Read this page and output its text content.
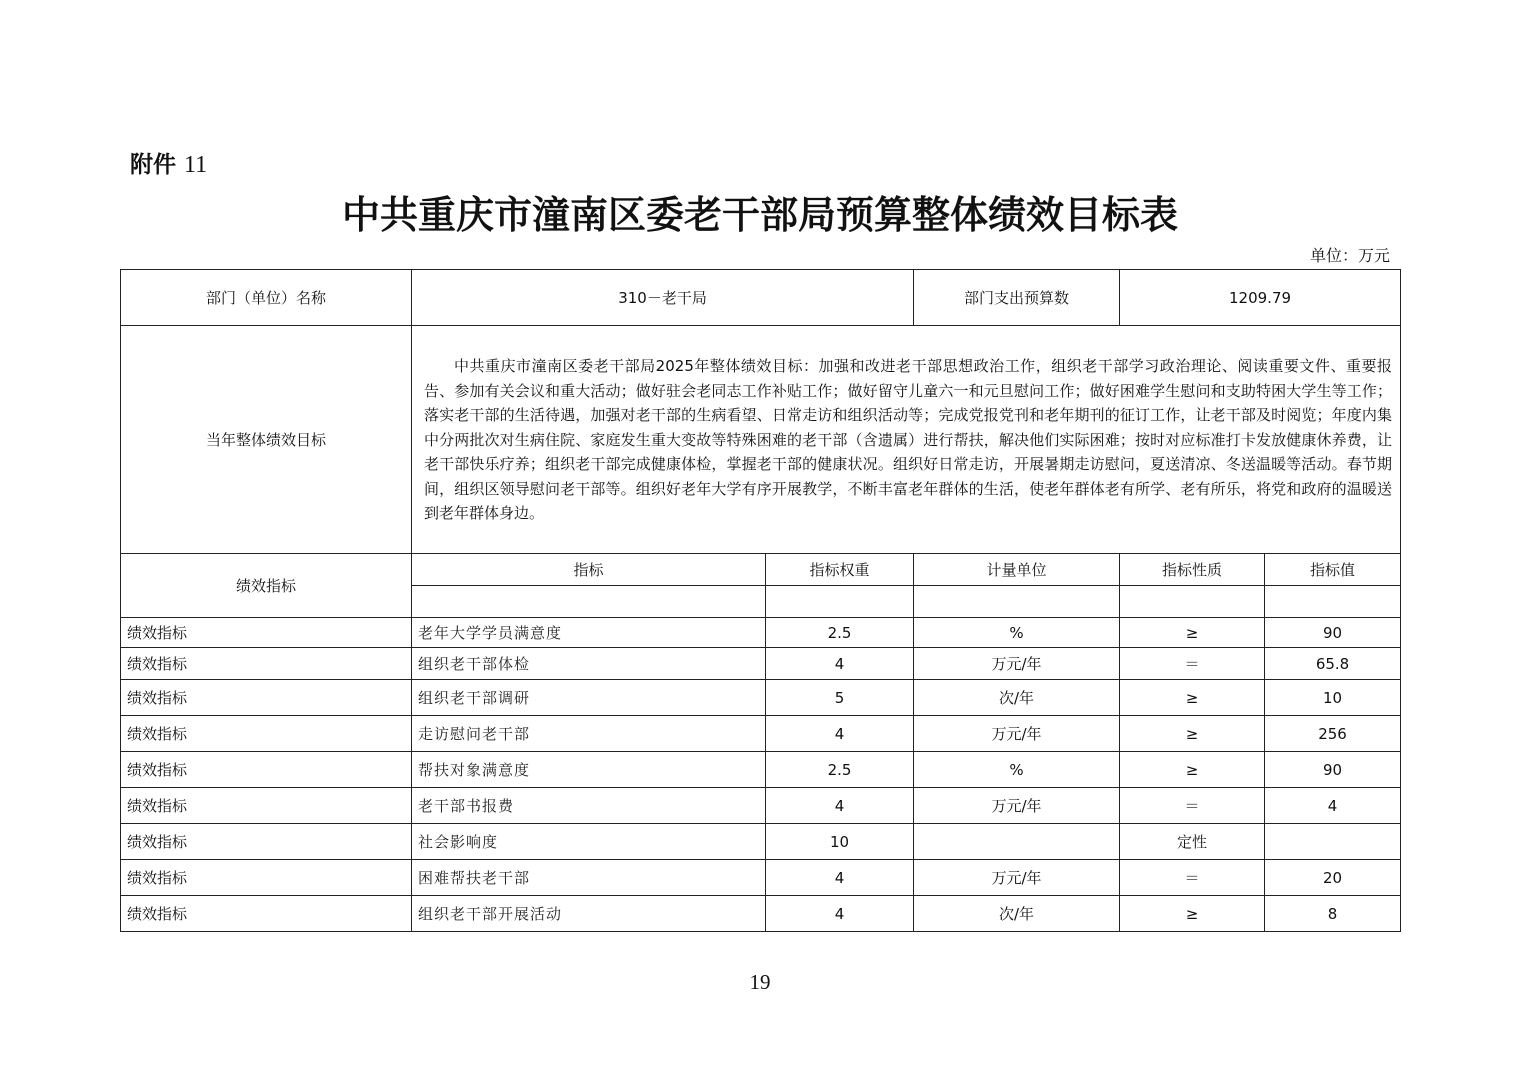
附件 11
中共重庆市潼南区委老干部局预算整体绩效目标表
单位：万元
部门（单位）名称	310－老干局		部门支出预算数	1209.79	
当年整体绩效目标	中共重庆市潼南区委老干部局2025年整体绩效目标：加强和改进老干部思想政治工作，组织老干部学习政治理论、阅读重要文件、重要报告、参加有关会议和重大活动；做好驻会老同志工作补贴工作；做好留守儿童六一和元旦慰问工作；做好困难学生慰问和支助特困大学生等工作；落实老干部的生活待遇，加强对老干部的生病看望、日常走访和组织活动等；完成党报党刊和老年期刊的征订工作，让老干部及时阅览；年度内集中分两批次对生病住院、家庭发生重大变故等特殊困难的老干部（含遗属）进行帮扶，解决他们实际困难；按时对应标准打卡发放健康休养费，让老干部快乐疗养；组织老干部完成健康体检，掌握老干部的健康状况。组织好日常走访，开展暑期走访慰问，夏送清凉、冬送温暖等活动。春节期间，组织区领导慰问老干部等。组织好老年大学有序开展教学，不断丰富老年群体的生活，使老年群体老有所学、老有所乐，将党和政府的温暖送到老年群体身边。				

绩效指标	指标	指标权重	计量单位	指标性质	指标值

绩效指标	老年大学学员满意度	2.5	%	≥	90
绩效指标	组织老干部体检	4	万元/年	＝	65.8
绩效指标	组织老干部调研	5	次/年	≥	10
绩效指标	走访慰问老干部	4	万元/年	≥	256
绩效指标	帮扶对象满意度	2.5	%	≥	90
绩效指标	老干部书报费	4	万元/年	＝	4
绩效指标	社会影响度	10		定性	
绩效指标	困难帮扶老干部	4	万元/年	＝	20
绩效指标	组织老干部开展活动	4	次/年	≥	8
19
